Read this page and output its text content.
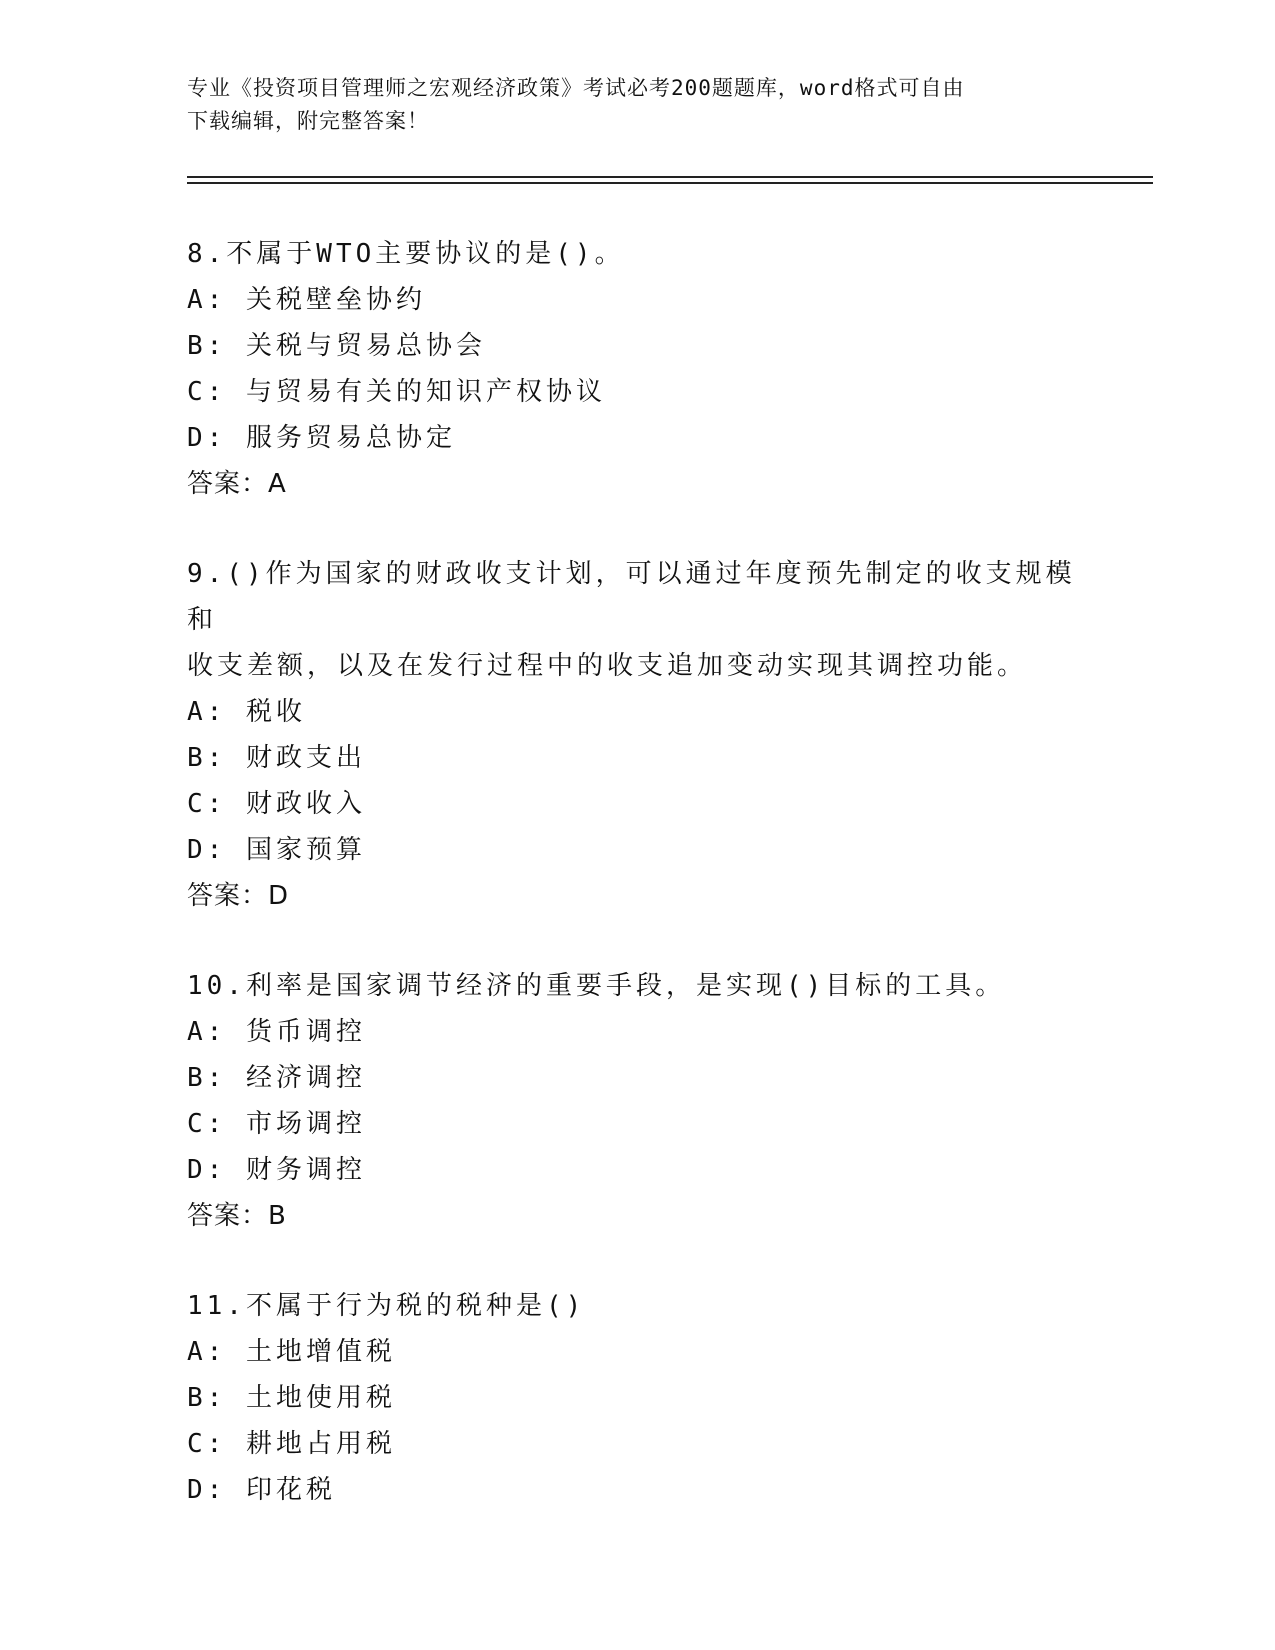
专业《投资项目管理师之宏观经济政策》考试必考200题题库，word格式可自由
下载编辑，附完整答案！
8.不属于WTO主要协议的是()。
A: 关税壁垒协约
B: 关税与贸易总协会
C: 与贸易有关的知识产权协议
D: 服务贸易总协定
答案：A
9.()作为国家的财政收支计划，可以通过年度预先制定的收支规模和
收支差额，以及在发行过程中的收支追加变动实现其调控功能。
A: 税收
B: 财政支出
C: 财政收入
D: 国家预算
答案：D
10.利率是国家调节经济的重要手段，是实现()目标的工具。
A: 货币调控
B: 经济调控
C: 市场调控
D: 财务调控
答案：B
11.不属于行为税的税种是()
A: 土地增值税
B: 土地使用税
C: 耕地占用税
D: 印花税
